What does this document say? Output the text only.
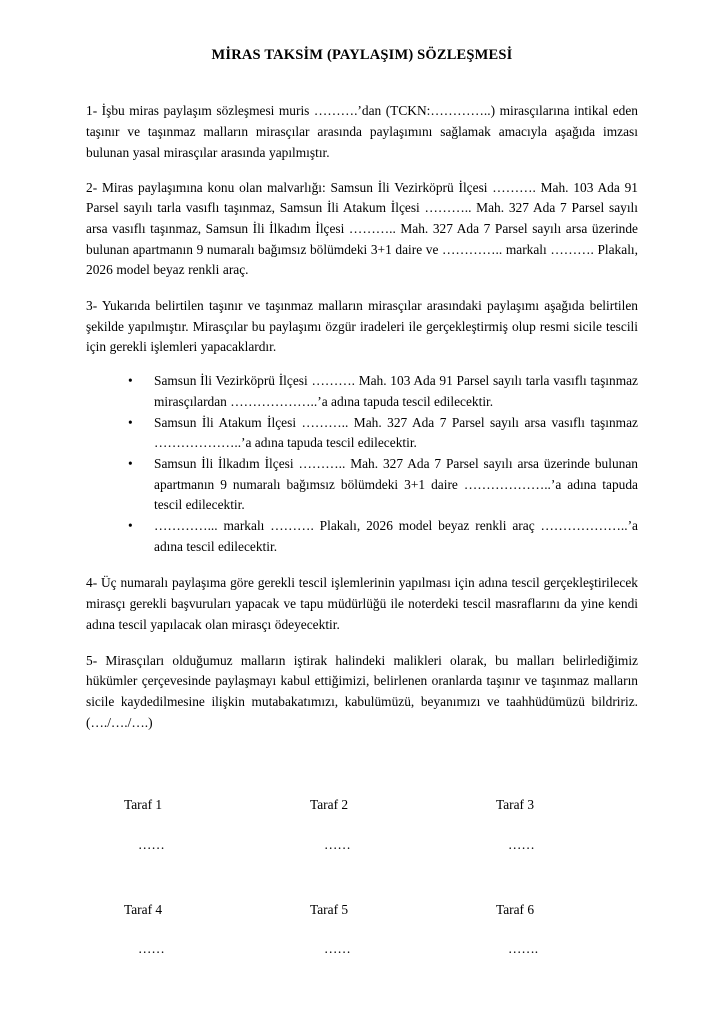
MİRAS TAKSİM (PAYLAŞIM) SÖZLEŞMESİ

1- İşbu miras paylaşım sözleşmesi muris ……….’dan (TCKN:…………..) mirasçılarına intikal eden taşınır ve taşınmaz malların mirasçılar arasında paylaşımını sağlamak amacıyla aşağıda imzası bulunan yasal mirasçılar arasında yapılmıştır.

2- Miras paylaşımına konu olan malvarlığı: Samsun İli Vezirköprü İlçesi ………. Mah. 103 Ada 91 Parsel sayılı tarla vasıflı taşınmaz, Samsun İli Atakum İlçesi ……….. Mah. 327 Ada 7 Parsel sayılı arsa vasıflı taşınmaz, Samsun İli İlkadım İlçesi ……….. Mah. 327 Ada 7 Parsel sayılı arsa üzerinde bulunan apartmanın 9 numaralı bağımsız bölümdeki 3+1 daire ve ………….. markalı ………. Plakalı, 2026 model beyaz renkli araç.

3- Yukarıda belirtilen taşınır ve taşınmaz malların mirasçılar arasındaki paylaşımı aşağıda belirtilen şekilde yapılmıştır. Mirasçılar bu paylaşımı özgür iradeleri ile gerçekleştirmiş olup resmi sicile tescili için gerekli işlemleri yapacaklardır.

• Samsun İli Vezirköprü İlçesi ………. Mah. 103 Ada 91 Parsel sayılı tarla vasıflı taşınmaz mirasçılardan ………………..’a adına tapuda tescil edilecektir.
• Samsun İli Atakum İlçesi ……….. Mah. 327 Ada 7 Parsel sayılı arsa vasıflı taşınmaz ………………..’a adına tapuda tescil edilecektir.
• Samsun İli İlkadım İlçesi ……….. Mah. 327 Ada 7 Parsel sayılı arsa üzerinde bulunan apartmanın 9 numaralı bağımsız bölümdeki 3+1 daire ………………..’a adına tapuda tescil edilecektir.
• …………... markalı ………. Plakalı, 2026 model beyaz renkli araç ………………..’a adına tescil edilecektir.

4- Üç numaralı paylaşıma göre gerekli tescil işlemlerinin yapılması için adına tescil gerçekleştirilecek mirasçı gerekli başvuruları yapacak ve tapu müdürlüğü ile noterdeki tescil masraflarını da yine kendi adına tescil yapılacak olan mirasçı ödeyecektir.

5- Mirasçıları olduğumuz malların iştirak halindeki malikleri olarak, bu malları belirlediğimiz hükümler çerçevesinde paylaşmayı kabul ettiğimizi, belirlenen oranlarda taşınır ve taşınmaz malların sicile kaydedilmesine ilişkin mutabakatımızı, kabulümüzü, beyanımızı ve taahhüdümüzü bildririz.(…./…./….)

Taraf 1
……

Taraf 2
……

Taraf 3
……

Taraf 4
……

Taraf 5
……

Taraf 6
…….
